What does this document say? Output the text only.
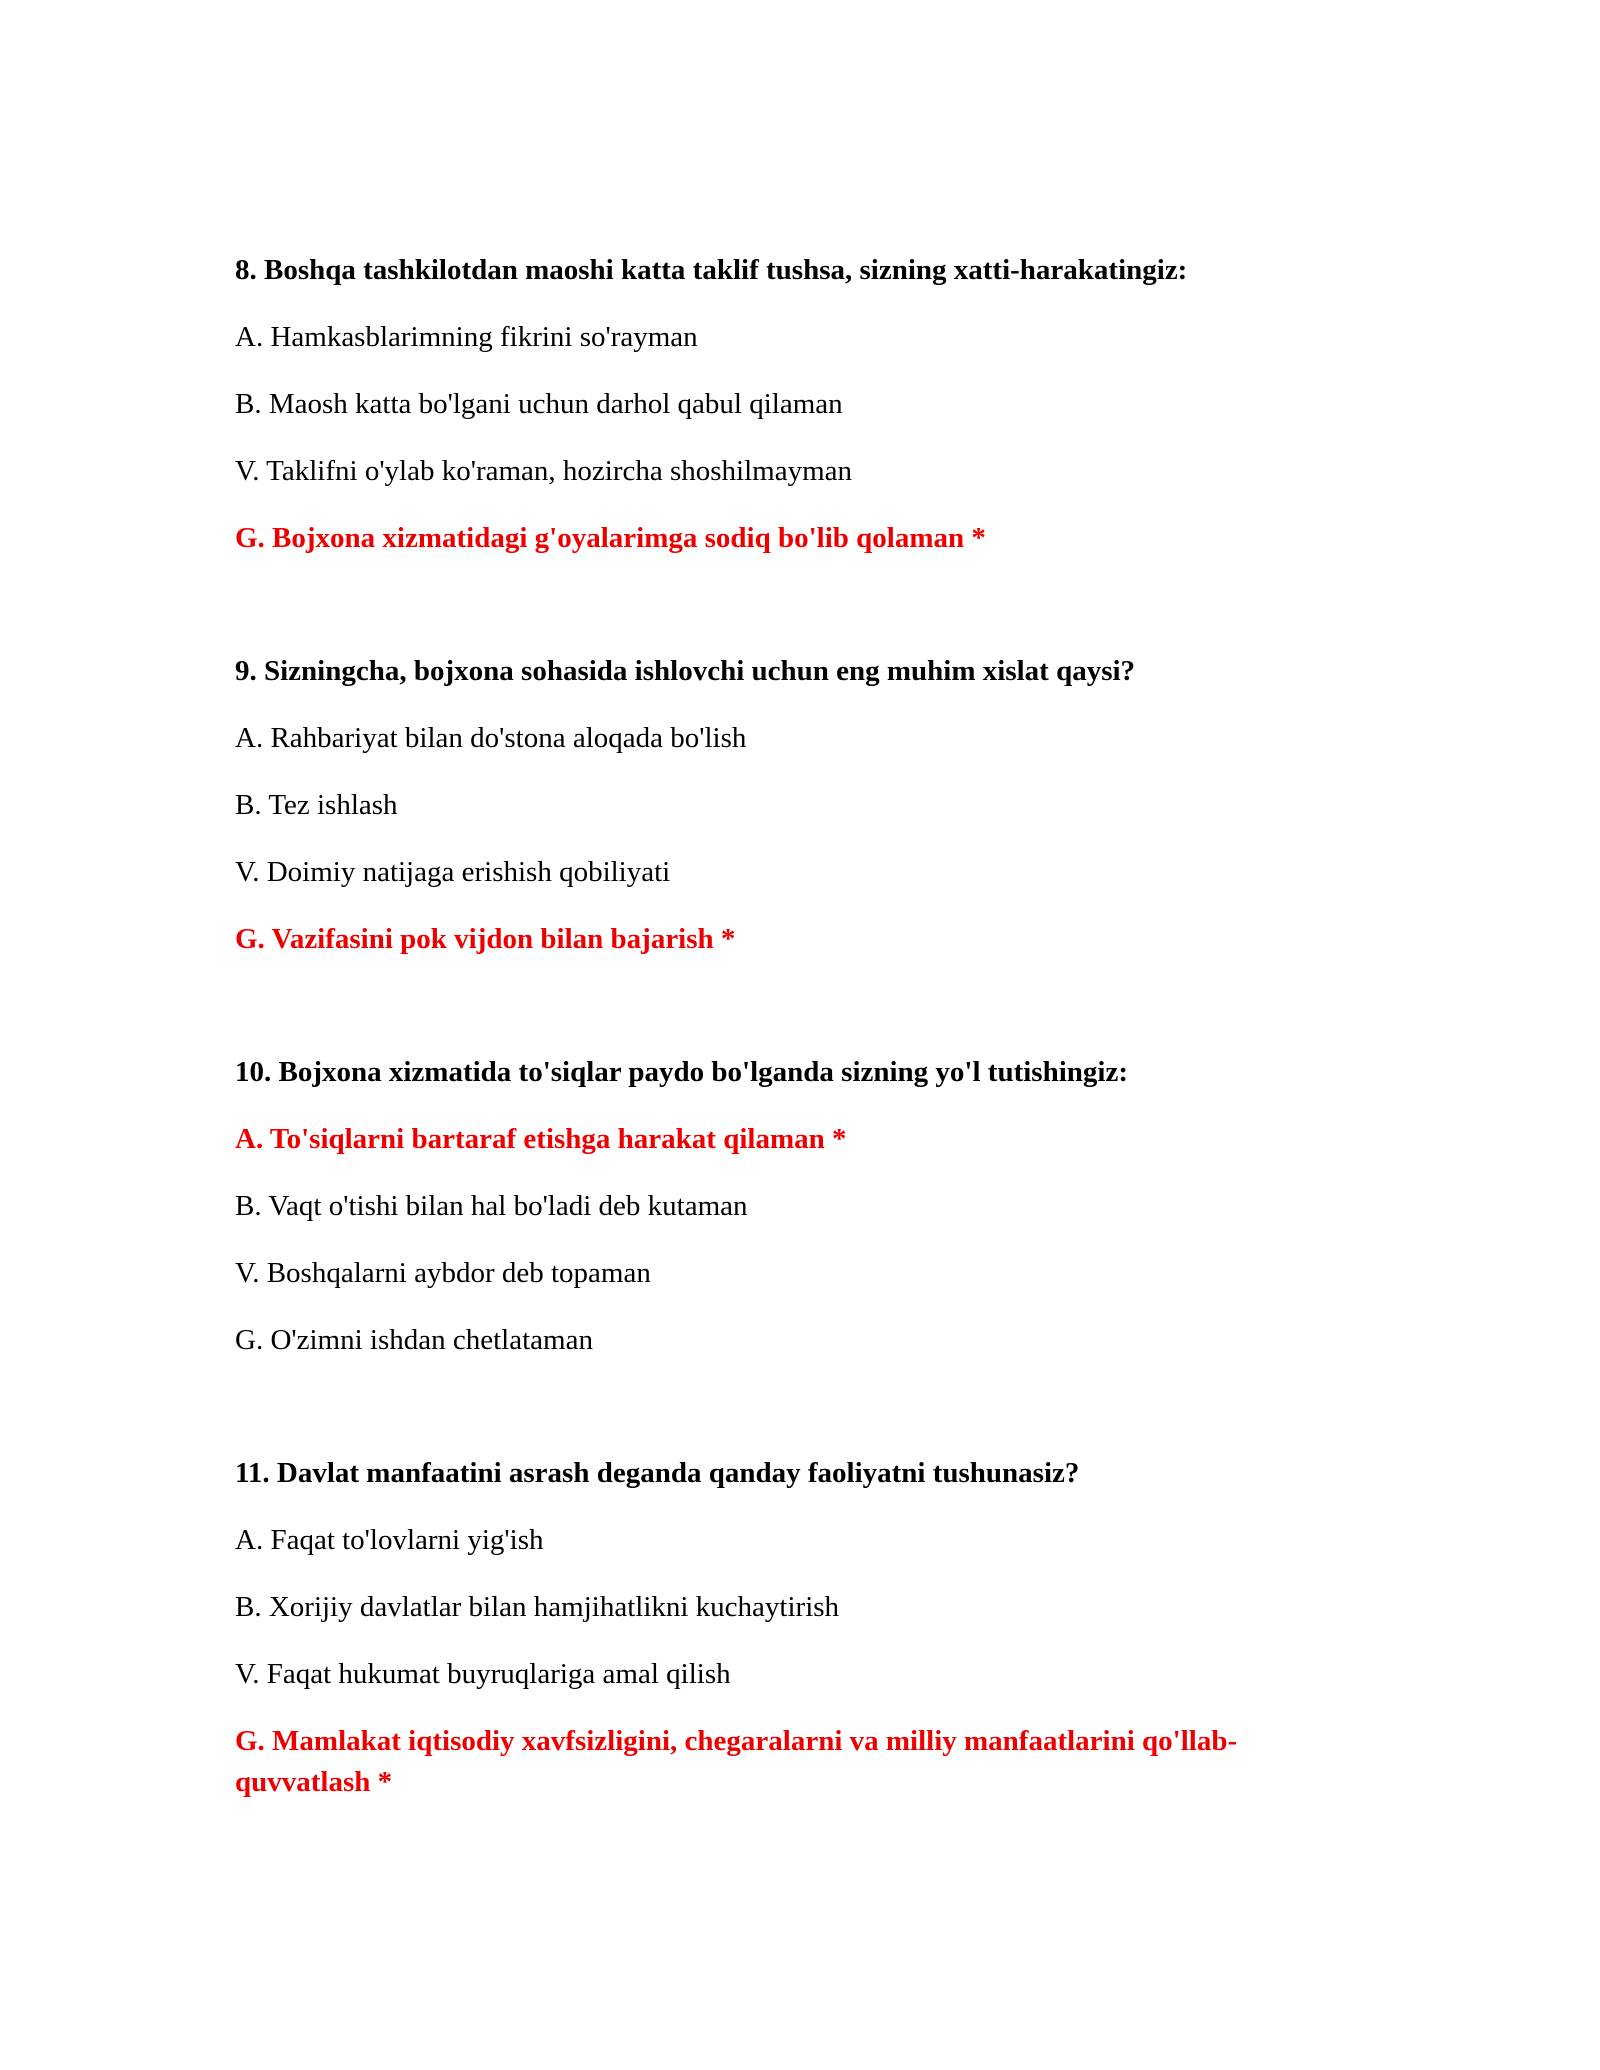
8. Boshqa tashkilotdan maoshi katta taklif tushsa, sizning xatti-harakatingiz:

A. Hamkasblarimning fikrini so'rayman

B. Maosh katta bo'lgani uchun darhol qabul qilaman

V. Taklifni o'ylab ko'raman, hozircha shoshilmayman

G. Bojxona xizmatidagi g'oyalarimga sodiq bo'lib qolaman *

9. Sizningcha, bojxona sohasida ishlovchi uchun eng muhim xislat qaysi?

A. Rahbariyat bilan do'stona aloqada bo'lish

B. Tez ishlash

V. Doimiy natijaga erishish qobiliyati

G. Vazifasini pok vijdon bilan bajarish *

10. Bojxona xizmatida to'siqlar paydo bo'lganda sizning yo'l tutishingiz:

A. To'siqlarni bartaraf etishga harakat qilaman *

B. Vaqt o'tishi bilan hal bo'ladi deb kutaman

V. Boshqalarni aybdor deb topaman

G. O'zimni ishdan chetlataman

11. Davlat manfaatini asrash deganda qanday faoliyatni tushunasiz?

A. Faqat to'lovlarni yig'ish

B. Xorijiy davlatlar bilan hamjihatlikni kuchaytirish

V. Faqat hukumat buyruqlariga amal qilish

G. Mamlakat iqtisodiy xavfsizligini, chegaralarni va milliy manfaatlarini qo'llab-quvvatlash *
